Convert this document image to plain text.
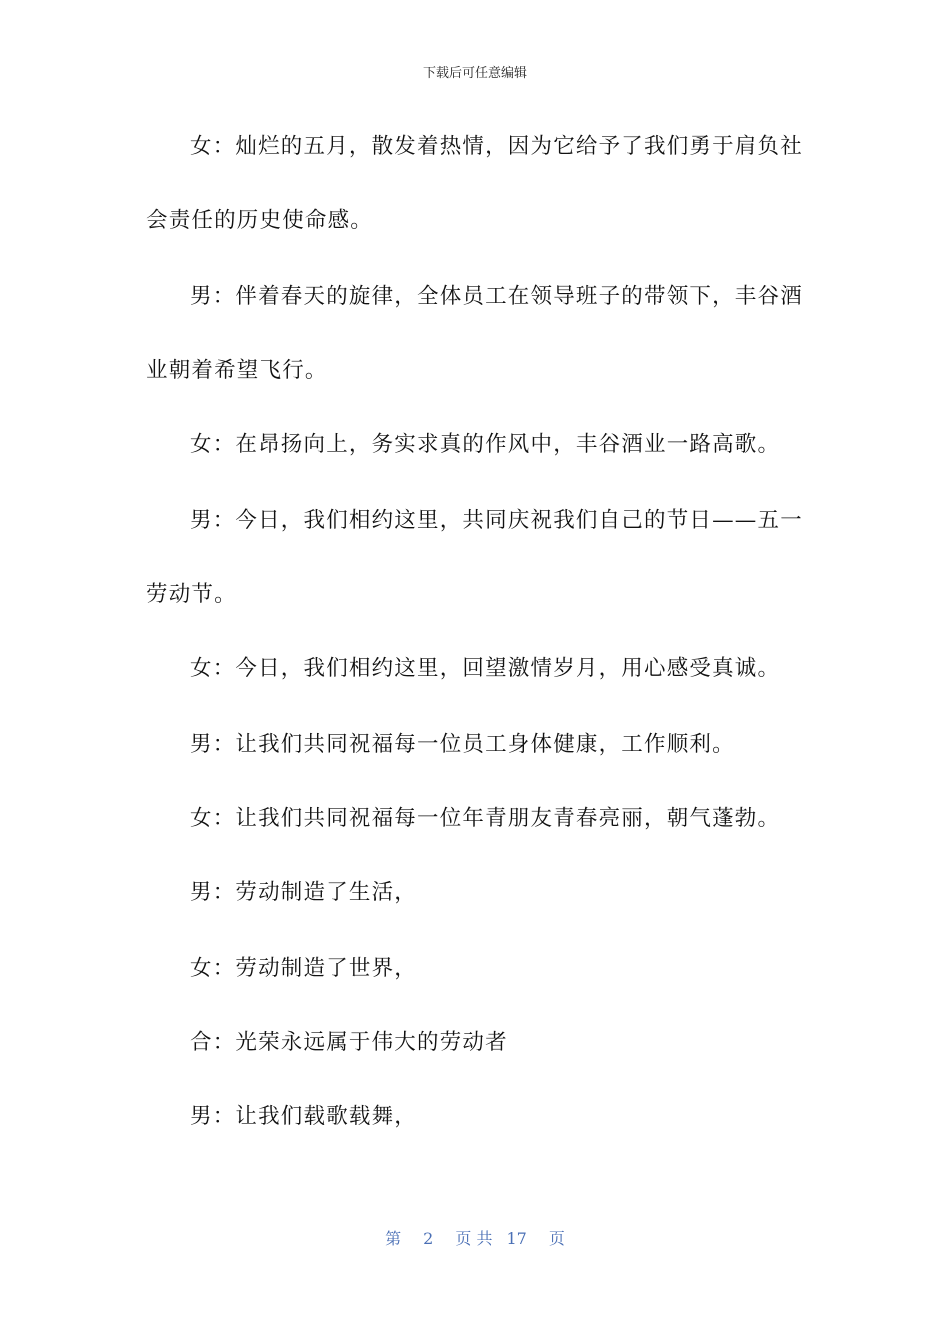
下载后可任意编辑
女：灿烂的五月，散发着热情，因为它给予了我们勇于肩负社
会责任的历史使命感。
男：伴着春天的旋律，全体员工在领导班子的带领下，丰谷酒
业朝着希望飞行。
女：在昂扬向上，务实求真的作风中，丰谷酒业一路高歌。
男：今日，我们相约这里，共同庆祝我们自己的节日——五一
劳动节。
女：今日，我们相约这里，回望激情岁月，用心感受真诚。
男：让我们共同祝福每一位员工身体健康，工作顺利。
女：让我们共同祝福每一位年青朋友青春亮丽，朝气蓬勃。
男：劳动制造了生活，
女：劳动制造了世界，
合：光荣永远属于伟大的劳动者
男：让我们载歌载舞，
第 2 页 共 17 页
